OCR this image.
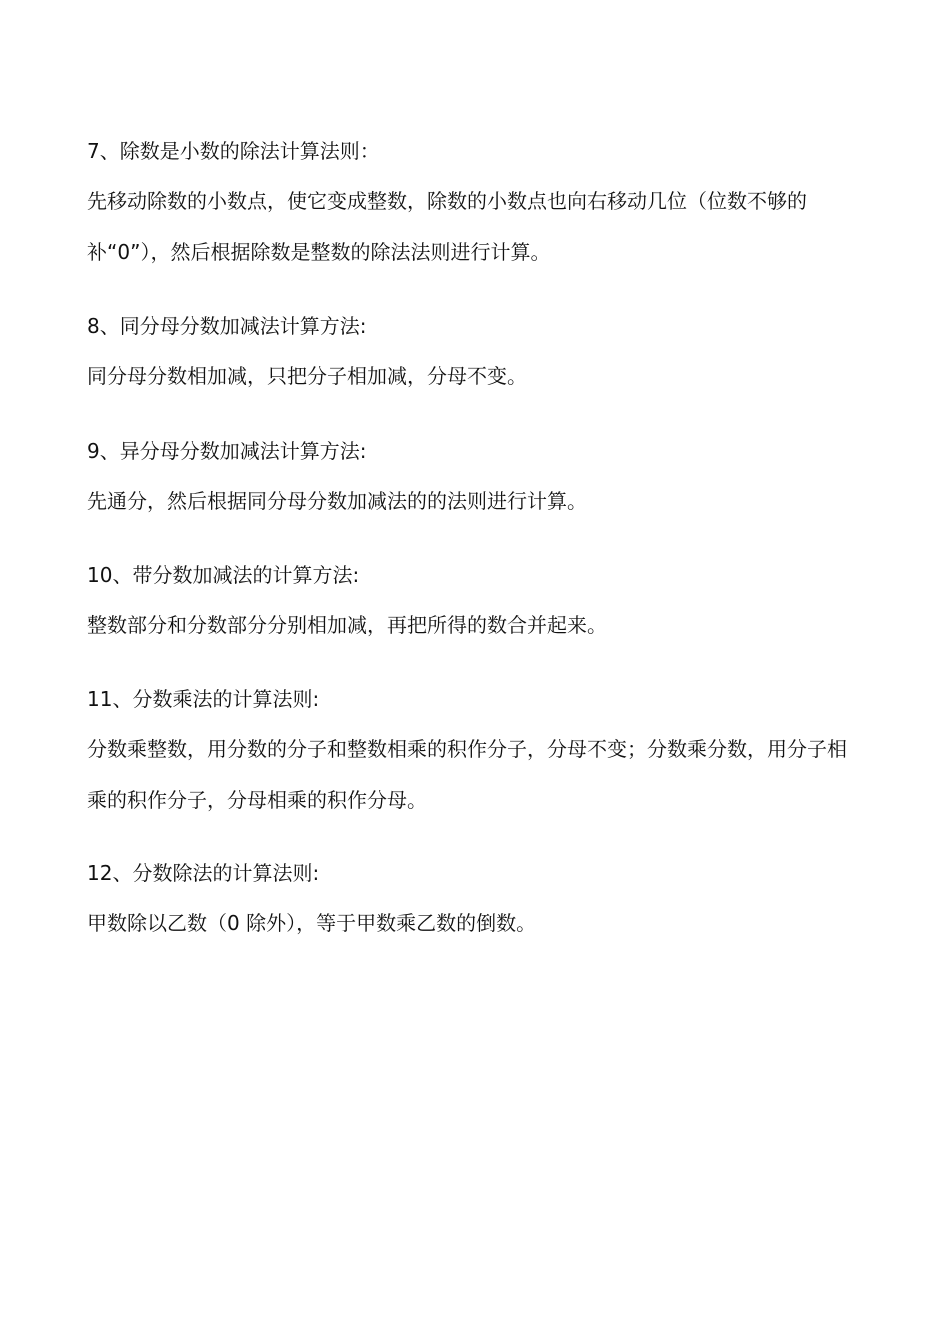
7、除数是小数的除法计算法则：

先移动除数的小数点，使它变成整数，除数的小数点也向右移动几位（位数不够的补“0”），然后根据除数是整数的除法法则进行计算。

8、同分母分数加减法计算方法:

同分母分数相加减，只把分子相加减，分母不变。

9、异分母分数加减法计算方法:

先通分，然后根据同分母分数加减法的的法则进行计算。

10、带分数加减法的计算方法:

整数部分和分数部分分别相加减，再把所得的数合并起来。

11、分数乘法的计算法则:

分数乘整数，用分数的分子和整数相乘的积作分子，分母不变；分数乘分数，用分子相乘的积作分子，分母相乘的积作分母。

12、分数除法的计算法则:

甲数除以乙数（0 除外），等于甲数乘乙数的倒数。
